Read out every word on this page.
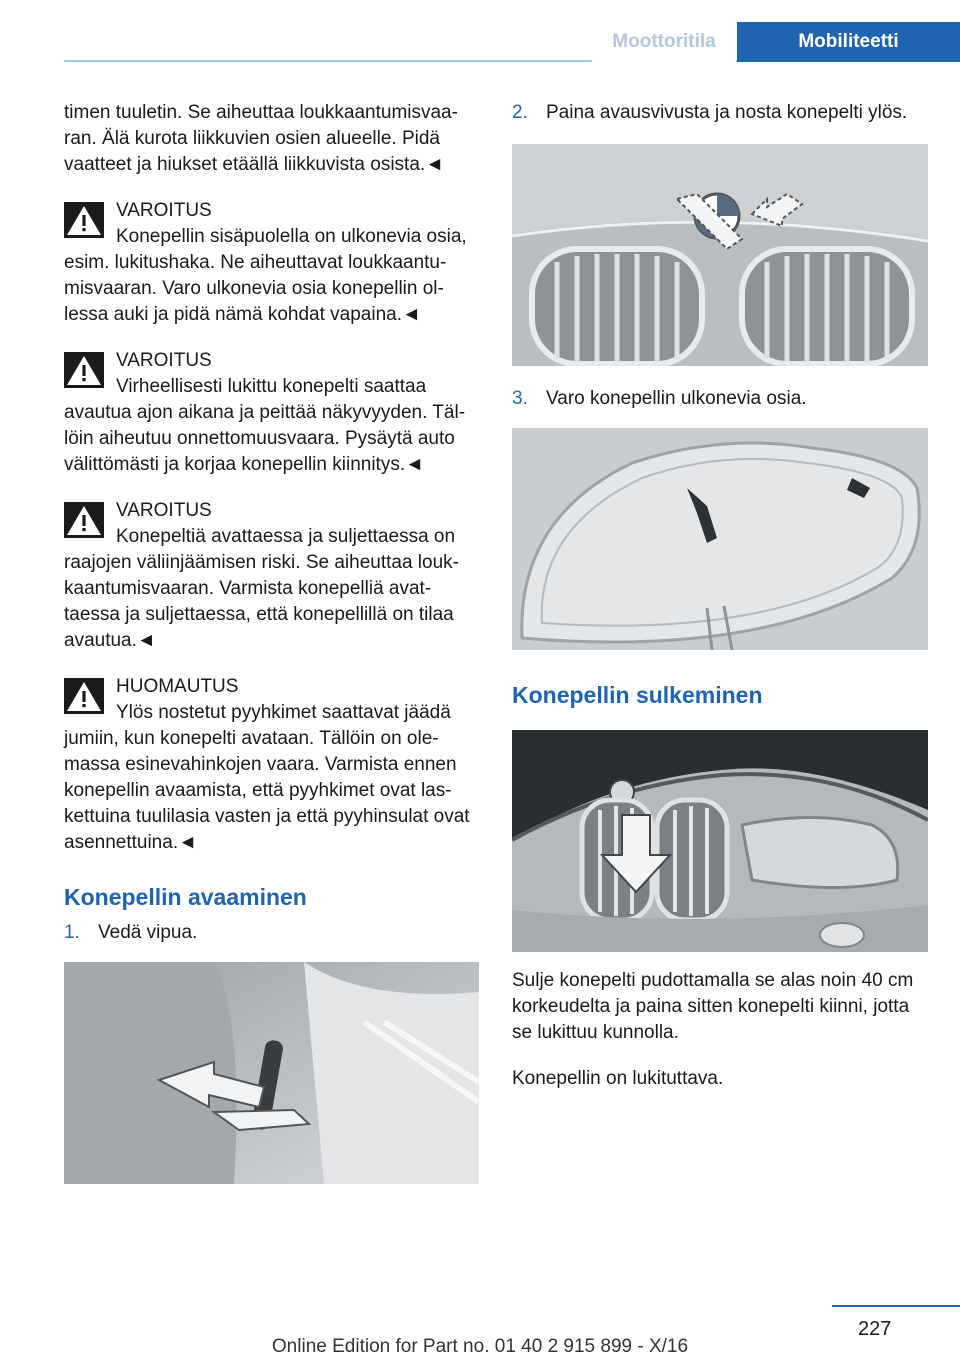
Moottoritila	Mobiliteetti

timen tuuletin. Se aiheuttaa loukkaantumisvaa-ran. Älä kurota liikkuvien osien alueelle. Pidä vaatteet ja hiukset etäällä liikkuvista osista.◄

VAROITUS
Konepellin sisäpuolella on ulkonevia osia, esim. lukitushaka. Ne aiheuttavat loukkaantu-misvaaran. Varo ulkonevia osia konepellin ol-lessa auki ja pidä nämä kohdat vapaina.◄
VAROITUS
Virheellisesti lukittu konepelti saattaa avautua ajon aikana ja peittää näkyvyyden. Täl-löin aiheutuu onnettomuusvaara. Pysäytä auto välittömästi ja korjaa konepellin kiinnitys.◄
VAROITUS
Konepeltiä avattaessa ja suljettaessa on raajojen väliinjäämisen riski. Se aiheuttaa louk-kaantumisvaaran. Varmista konepelliä avat-taessa ja suljettaessa, että konepellillä on tilaa avautua.◄
HUOMAUTUS
Ylös nostetut pyyhkimet saattavat jäädä jumiin, kun konepelti avataan. Tällöin on ole-massa esinevahinkojen vaara. Varmista ennen konepellin avaamista, että pyyhkimet ovat las-kettuina tuulilasia vasten ja että pyyhinsulat ovat asennettuina.◄
Konepellin avaaminen
1. Vedä vipua.
2. Paina avausvivusta ja nosta konepelti ylös.
3. Varo konepellin ulkonevia osia.
Konepellin sulkeminen

Sulje konepelti pudottamalla se alas noin 40 cm korkeudelta ja paina sitten konepelti kiinni, jotta se lukittuu kunnolla.

Konepellin on lukituttava.

227
Online Edition for Part no. 01 40 2 915 899 - X/16
